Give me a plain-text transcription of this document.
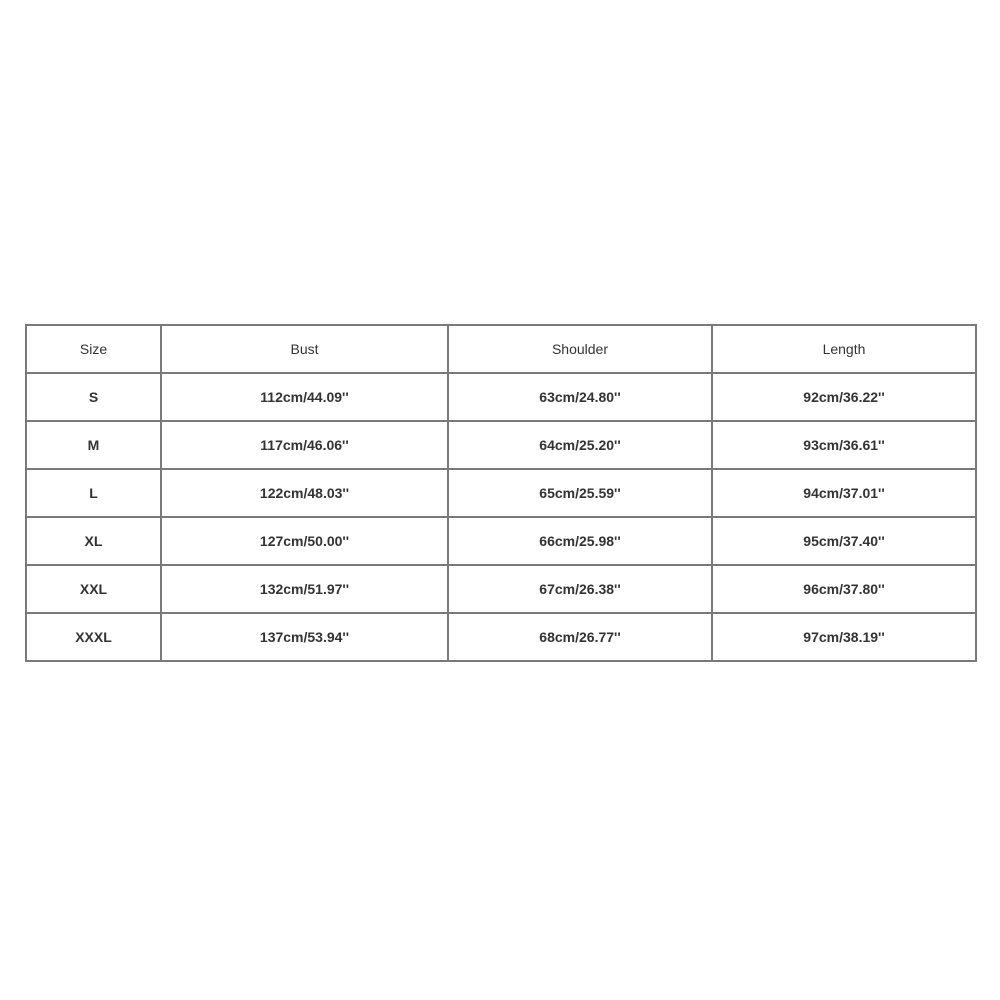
Size	Bust	Shoulder	Length
S	112cm/44.09''	63cm/24.80''	92cm/36.22''
M	117cm/46.06''	64cm/25.20''	93cm/36.61''
L	122cm/48.03''	65cm/25.59''	94cm/37.01''
XL	127cm/50.00''	66cm/25.98''	95cm/37.40''
XXL	132cm/51.97''	67cm/26.38''	96cm/37.80''
XXXL	137cm/53.94''	68cm/26.77''	97cm/38.19''
